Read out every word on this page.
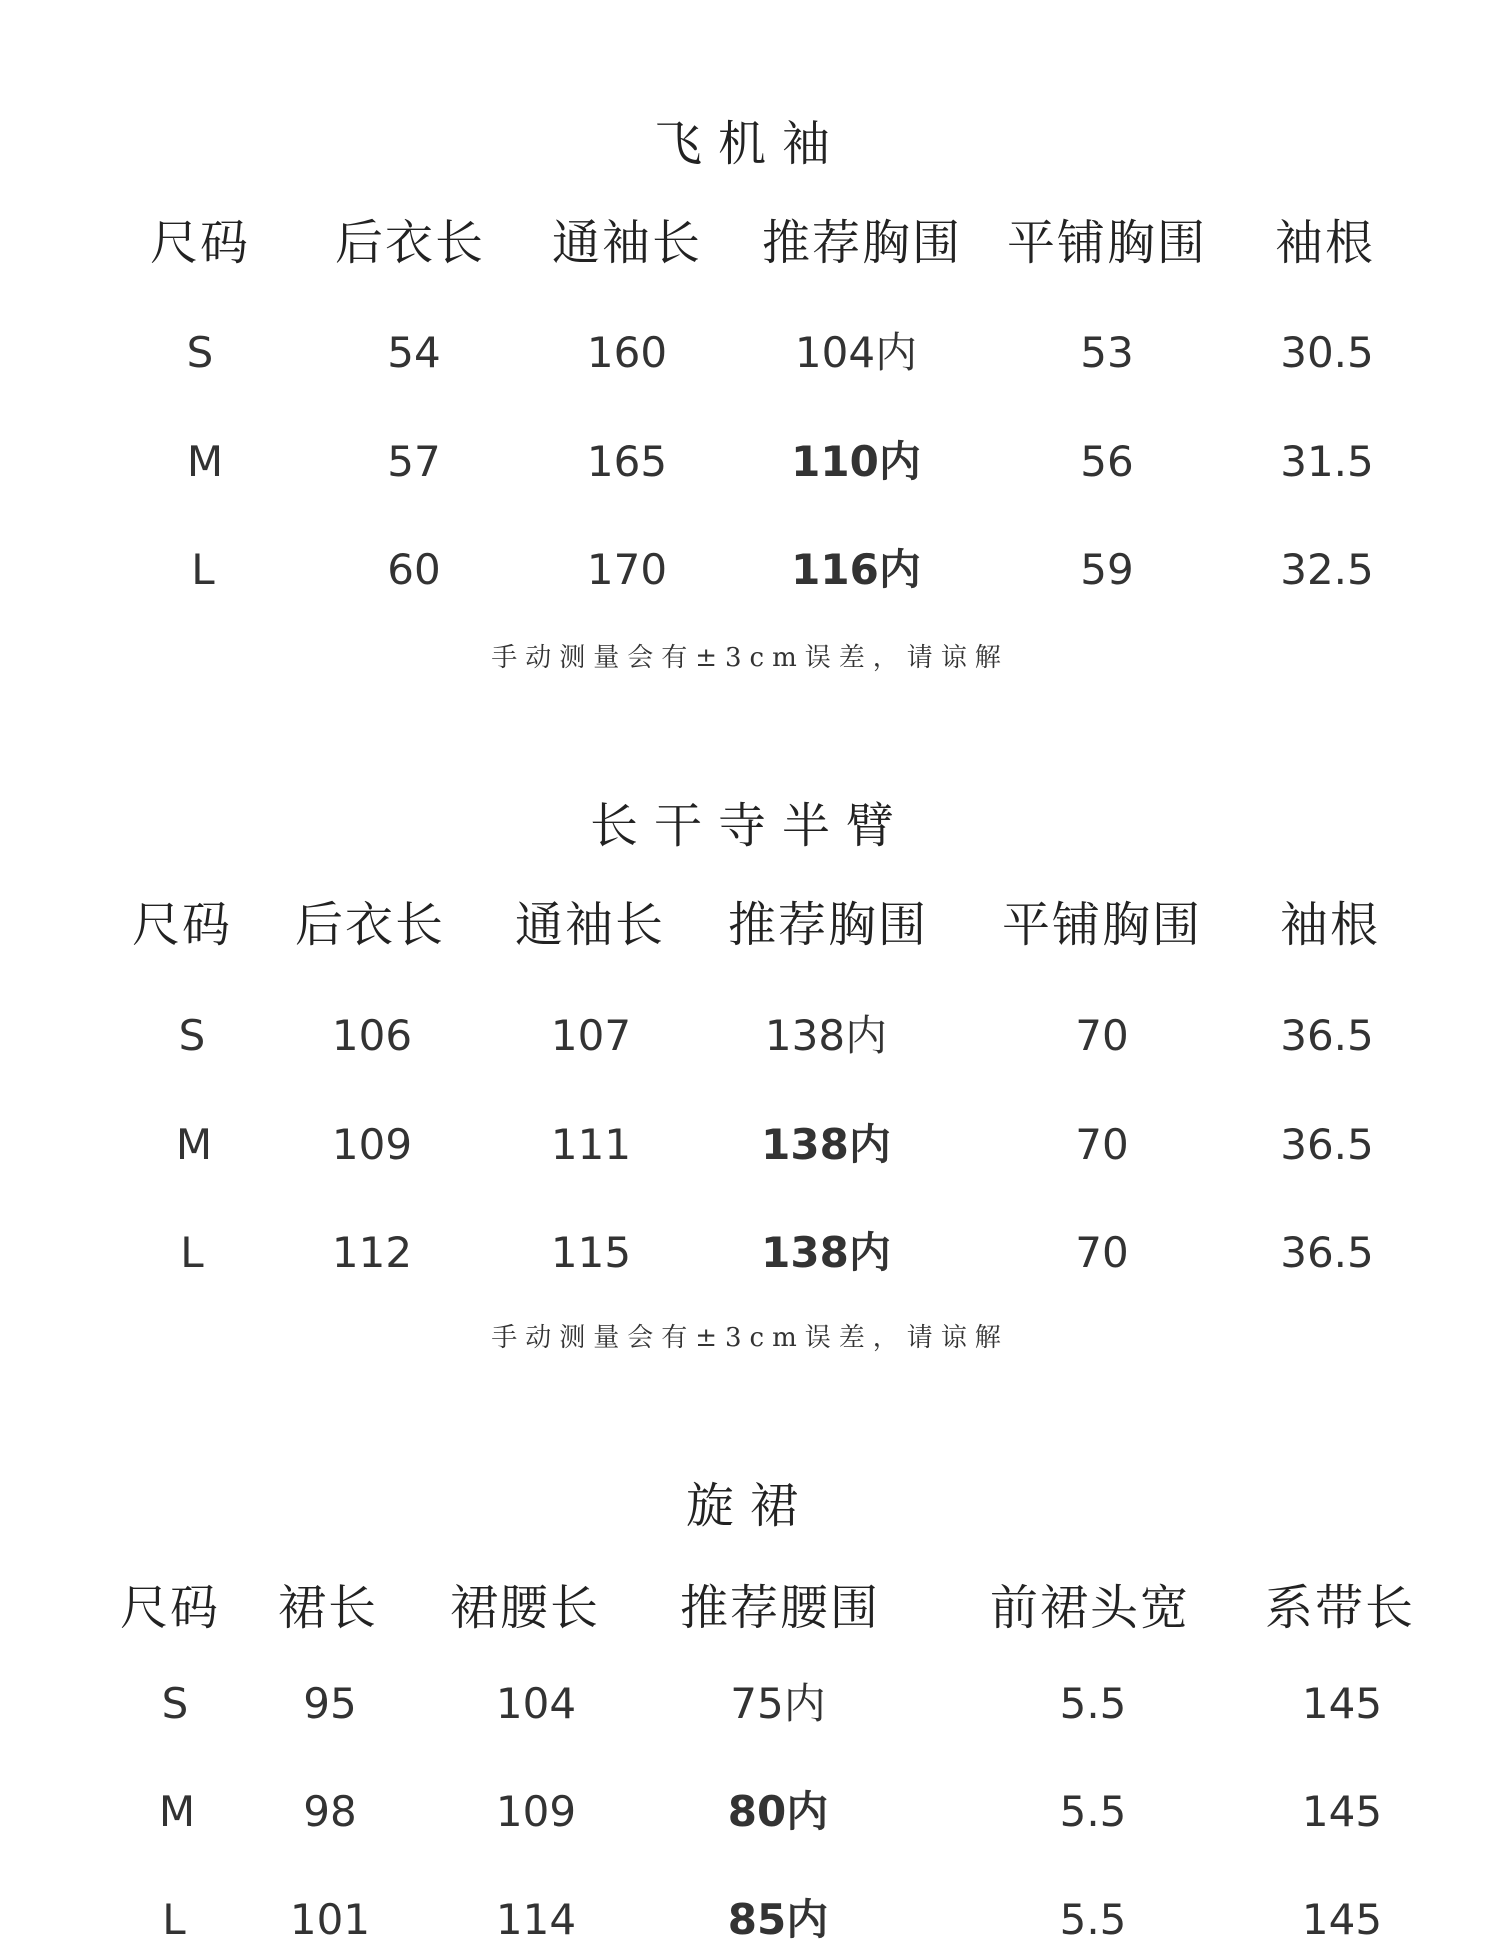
飞机袖
尺码 后衣长 通袖长 推荐胸围 平铺胸围 袖根
S	54	160	104内	53	30.5
M	57	165	110内	56	31.5
L	60	170	116内	59	32.5
手动测量会有±3cm误差，请谅解
长干寺半臂
尺码 后衣长 通袖长 推荐胸围 平铺胸围 袖根
S	106	107	138内	70	36.5
M	109	111	138内	70	36.5
L	112	115	138内	70	36.5
手动测量会有±3cm误差，请谅解
旋裙
尺码 裙长 裙腰长 推荐腰围 前裙头宽 系带长
S	95	104	75内	5.5	145
M	98	109	80内	5.5	145
L 101	114	85内	5.5	145
